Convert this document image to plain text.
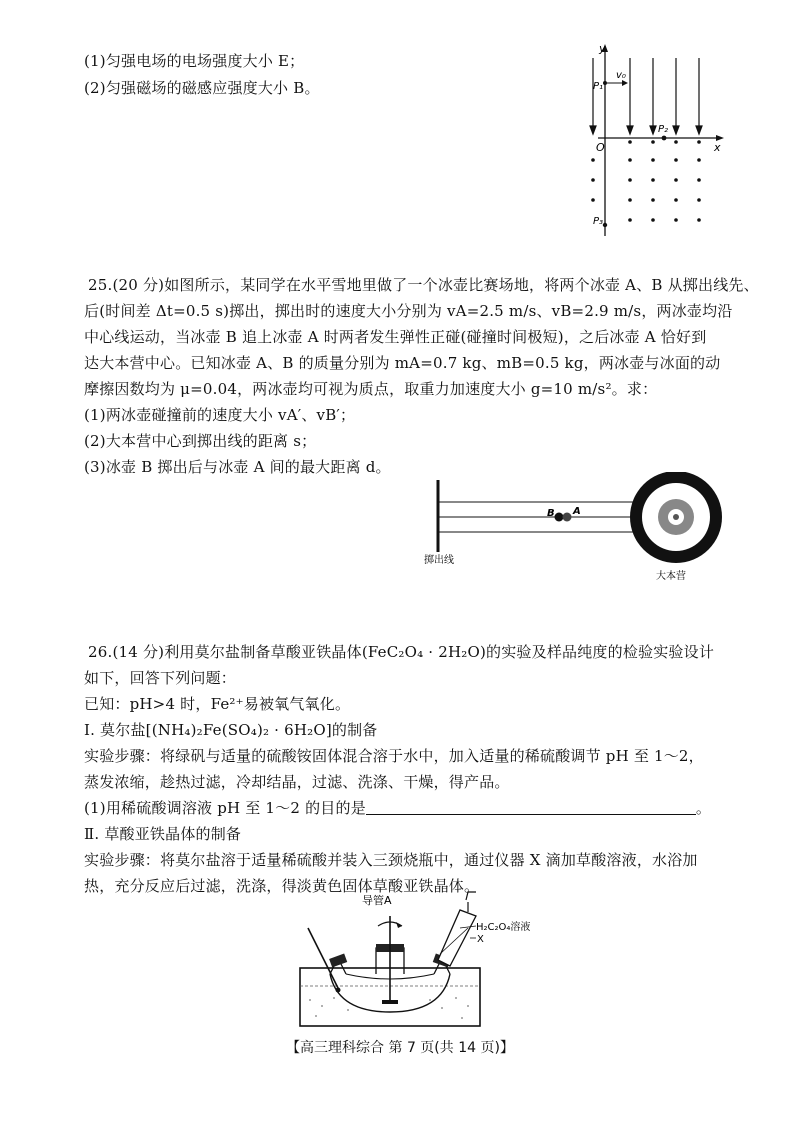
(1)匀强电场的电场强度大小 E；
(2)匀强磁场的磁感应强度大小 B。
y
x
O
P₁
v₀
P₂
P₃
25.(20 分)如图所示，某同学在水平雪地里做了一个冰壶比赛场地，将两个冰壶 A、B 从掷出线先、
后(时间差 Δt=0.5 s)掷出，掷出时的速度大小分别为 vA=2.5 m/s、vB=2.9 m/s，两冰壶均沿
中心线运动，当冰壶 B 追上冰壶 A 时两者发生弹性正碰(碰撞时间极短)，之后冰壶 A 恰好到
达大本营中心。已知冰壶 A、B 的质量分别为 mA=0.7 kg、mB=0.5 kg，两冰壶与冰面的动
摩擦因数均为 μ=0.04，两冰壶均可视为质点，取重力加速度大小 g=10 m/s²。求：
(1)两冰壶碰撞前的速度大小 vA′、vB′；
(2)大本营中心到掷出线的距离 s；
(3)冰壶 B 掷出后与冰壶 A 间的最大距离 d。
B A
掷出线
大本营
26.(14 分)利用莫尔盐制备草酸亚铁晶体(FeC₂O₄ · 2H₂O)的实验及样品纯度的检验实验设计
如下，回答下列问题：
已知：pH>4 时，Fe²⁺易被氧气氧化。
Ⅰ. 莫尔盐[(NH₄)₂Fe(SO₄)₂ · 6H₂O]的制备
实验步骤：将绿矾与适量的硫酸铵固体混合溶于水中，加入适量的稀硫酸调节 pH 至 1～2，
蒸发浓缩，趁热过滤，冷却结晶，过滤、洗涤、干燥，得产品。
(1)用稀硫酸调溶液 pH 至 1～2 的目的是	。
Ⅱ. 草酸亚铁晶体的制备
实验步骤：将莫尔盐溶于适量稀硫酸并装入三颈烧瓶中，通过仪器 X 滴加草酸溶液，水浴加
热，充分反应后过滤，洗涤，得淡黄色固体草酸亚铁晶体。
导管A
H₂C₂O₄溶液
X
【高三理科综合 第 7 页(共 14 页)】
